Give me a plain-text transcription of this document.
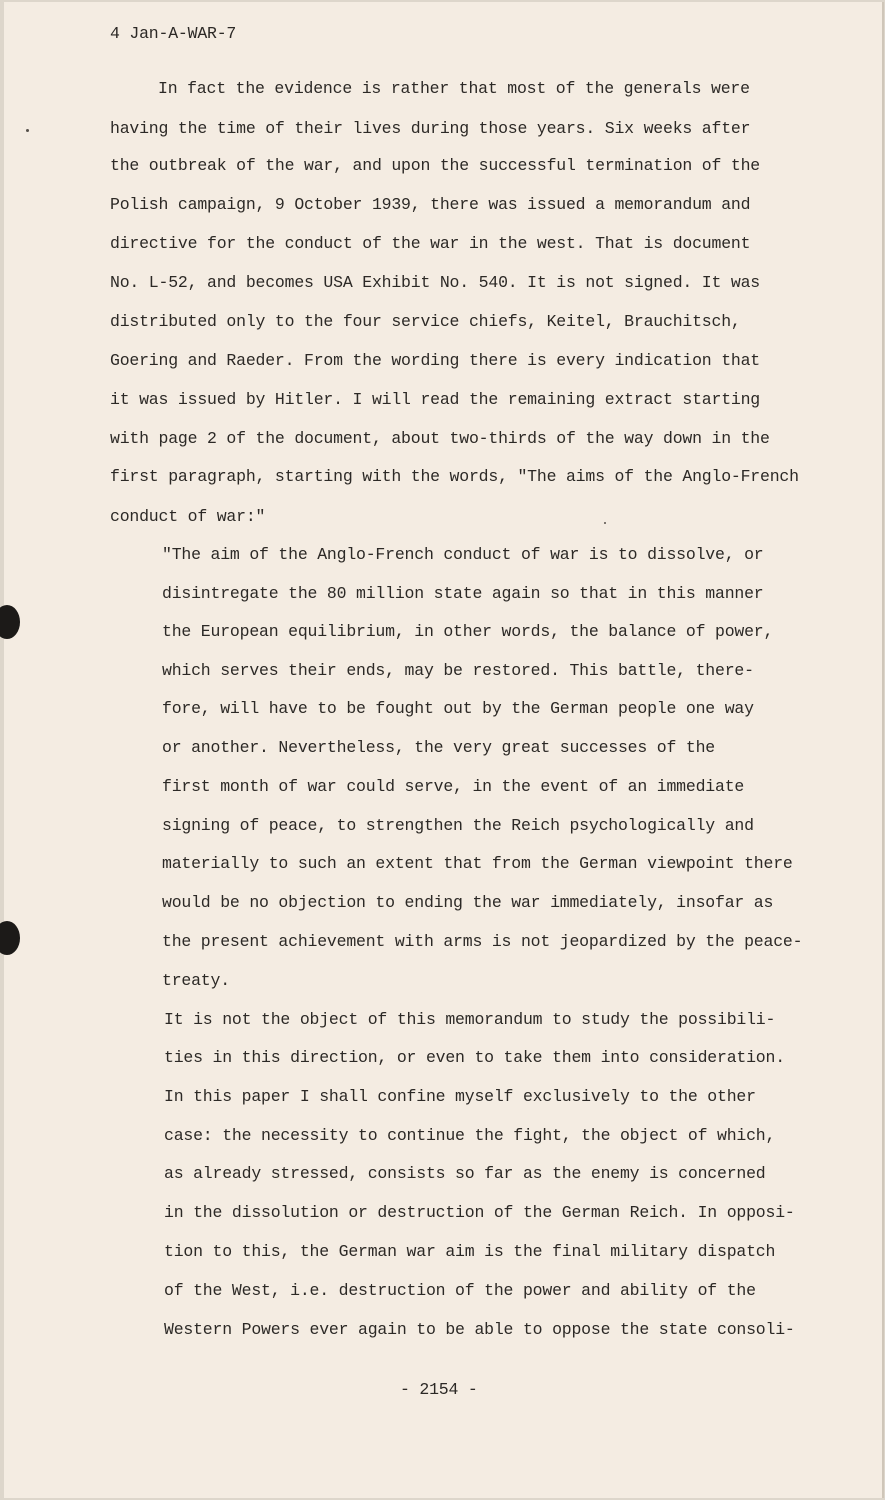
4 Jan-A-WAR-7
In fact the evidence is rather that most of the generals were
having the time of their lives during those years. Six weeks after
the outbreak of the war, and upon the successful termination of the
Polish campaign, 9 October 1939, there was issued a memorandum and
directive for the conduct of the war in the west. That is document
No. L-52, and becomes USA Exhibit No. 540. It is not signed. It was
distributed only to the four service chiefs, Keitel, Brauchitsch,
Goering and Raeder. From the wording there is every indication that
it was issued by Hitler. I will read the remaining extract starting
with page 2 of the document, about two-thirds of the way down in the
first paragraph, starting with the words, "The aims of the Anglo-French
conduct of war:"
"The aim of the Anglo-French conduct of war is to dissolve, or
disintregate the 80 million state again so that in this manner
the European equilibrium, in other words, the balance of power,
which serves their ends, may be restored. This battle, there-
fore, will have to be fought out by the German people one way
or another. Nevertheless, the very great successes of the
first month of war could serve, in the event of an immediate
signing of peace, to strengthen the Reich psychologically and
materially to such an extent that from the German viewpoint there
would be no objection to ending the war immediately, insofar as
the present achievement with arms is not jeopardized by the peace-
treaty.
It is not the object of this memorandum to study the possibili-
ties in this direction, or even to take them into consideration.
In this paper I shall confine myself exclusively to the other
case: the necessity to continue the fight, the object of which,
as already stressed, consists so far as the enemy is concerned
in the dissolution or destruction of the German Reich. In opposi-
tion to this, the German war aim is the final military dispatch
of the West, i.e. destruction of the power and ability of the
Western Powers ever again to be able to oppose the state consoli-
- 2154 -
